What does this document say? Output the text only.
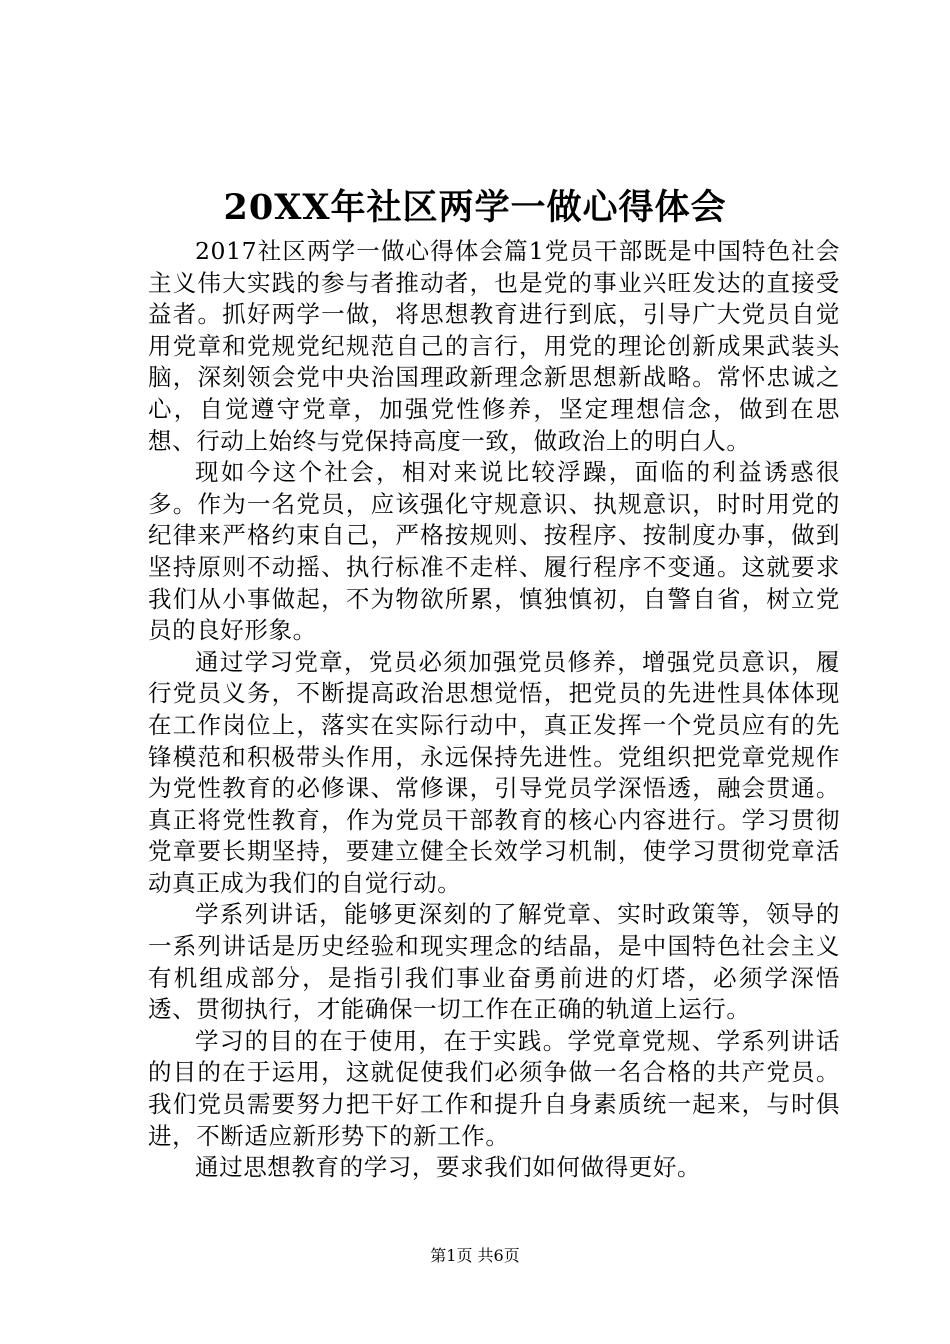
20XX年社区两学一做心得体会

2017社区两学一做心得体会篇1党员干部既是中国特色社会主义伟大实践的参与者推动者，也是党的事业兴旺发达的直接受益者。抓好两学一做，将思想教育进行到底，引导广大党员自觉用党章和党规党纪规范自己的言行，用党的理论创新成果武装头脑，深刻领会党中央治国理政新理念新思想新战略。常怀忠诚之心，自觉遵守党章，加强党性修养，坚定理想信念，做到在思想、行动上始终与党保持高度一致，做政治上的明白人。

现如今这个社会，相对来说比较浮躁，面临的利益诱惑很多。作为一名党员，应该强化守规意识、执规意识，时时用党的纪律来严格约束自己，严格按规则、按程序、按制度办事，做到坚持原则不动摇、执行标准不走样、履行程序不变通。这就要求我们从小事做起，不为物欲所累，慎独慎初，自警自省，树立党员的良好形象。

通过学习党章，党员必须加强党员修养，增强党员意识，履行党员义务，不断提高政治思想觉悟，把党员的先进性具体体现在工作岗位上，落实在实际行动中，真正发挥一个党员应有的先锋模范和积极带头作用，永远保持先进性。党组织把党章党规作为党性教育的必修课、常修课，引导党员学深悟透，融会贯通。真正将党性教育，作为党员干部教育的核心内容进行。学习贯彻党章要长期坚持，要建立健全长效学习机制，使学习贯彻党章活动真正成为我们的自觉行动。

学系列讲话，能够更深刻的了解党章、实时政策等，领导的一系列讲话是历史经验和现实理念的结晶，是中国特色社会主义有机组成部分，是指引我们事业奋勇前进的灯塔，必须学深悟透、贯彻执行，才能确保一切工作在正确的轨道上运行。

学习的目的在于使用，在于实践。学党章党规、学系列讲话的目的在于运用，这就促使我们必须争做一名合格的共产党员。我们党员需要努力把干好工作和提升自身素质统一起来，与时俱进，不断适应新形势下的新工作。

通过思想教育的学习，要求我们如何做得更好。

第1页 共6页
